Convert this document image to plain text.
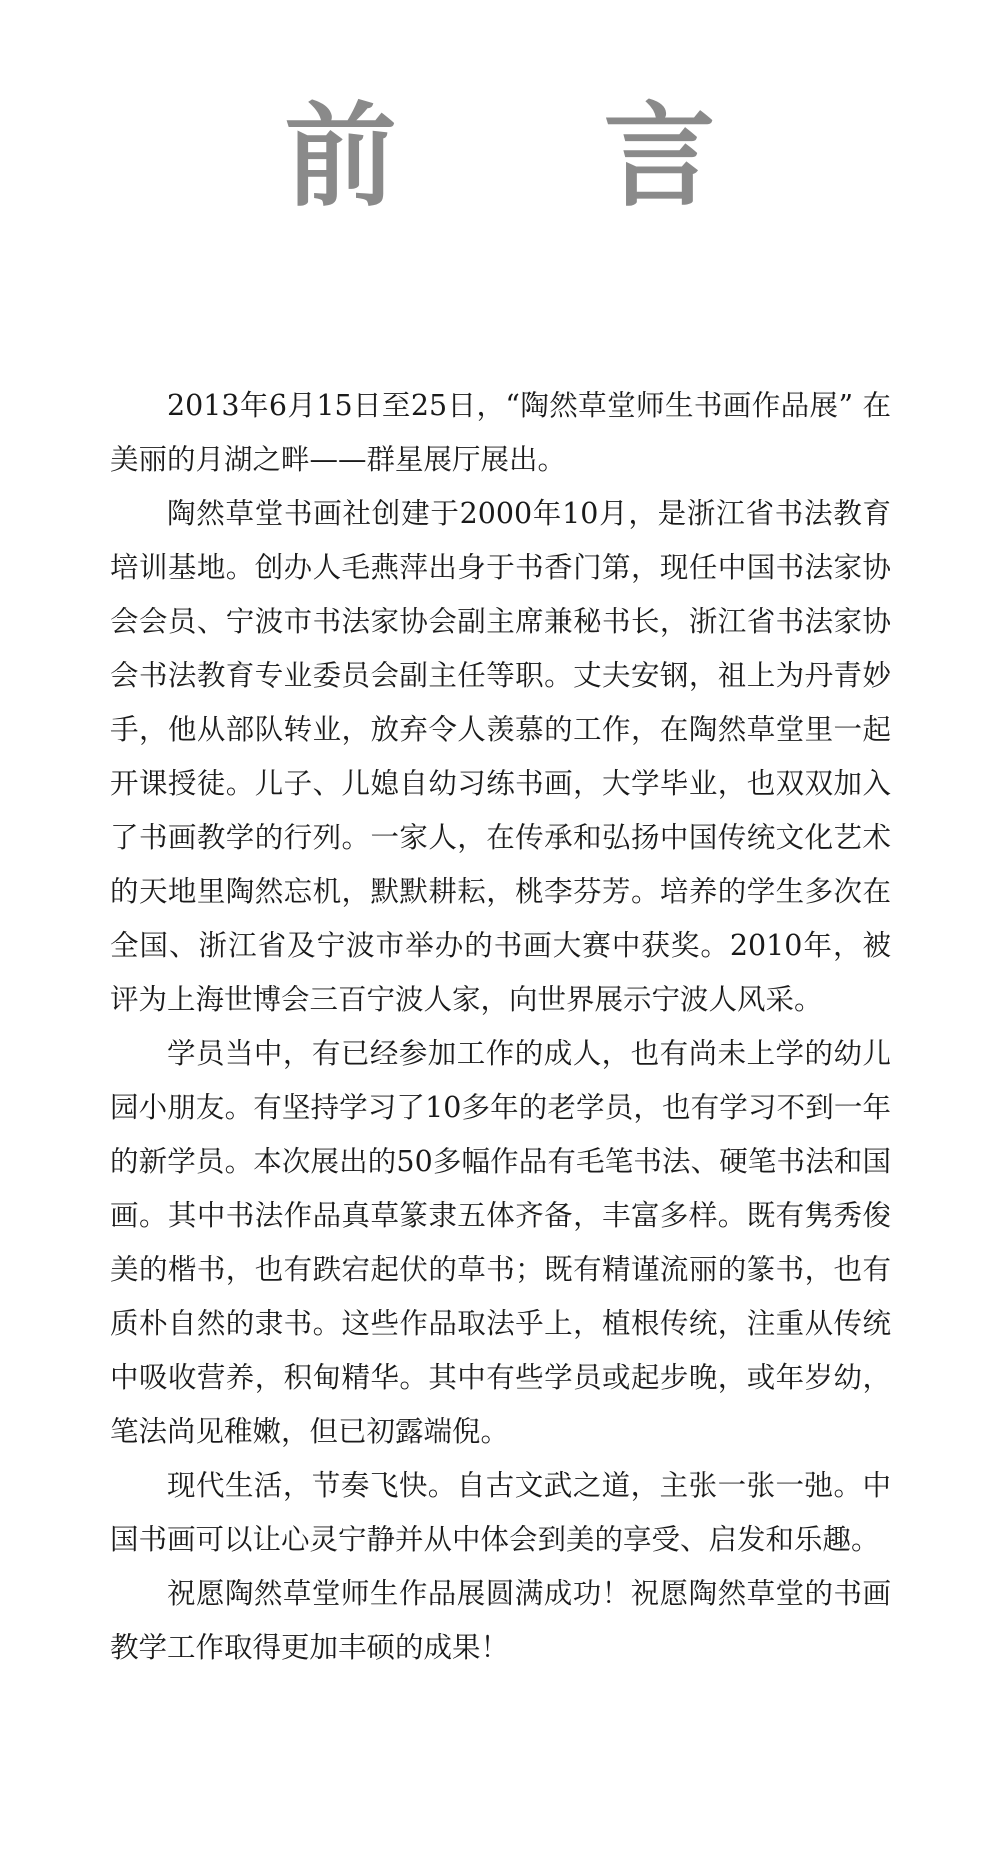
前 言

2013年6月15日至25日，“陶然草堂师生书画作品展” 在美丽的月湖之畔——群星展厅展出。

陶然草堂书画社创建于2000年10月，是浙江省书法教育培训基地。创办人毛燕萍出身于书香门第，现任中国书法家协会会员、宁波市书法家协会副主席兼秘书长，浙江省书法家协会书法教育专业委员会副主任等职。丈夫安钢，祖上为丹青妙手，他从部队转业，放弃令人羡慕的工作，在陶然草堂里一起开课授徒。儿子、儿媳自幼习练书画，大学毕业，也双双加入了书画教学的行列。一家人，在传承和弘扬中国传统文化艺术的天地里陶然忘机，默默耕耘，桃李芬芳。培养的学生多次在全国、浙江省及宁波市举办的书画大赛中获奖。2010年，被评为上海世博会三百宁波人家，向世界展示宁波人风采。

学员当中，有已经参加工作的成人，也有尚未上学的幼儿园小朋友。有坚持学习了10多年的老学员，也有学习不到一年的新学员。本次展出的50多幅作品有毛笔书法、硬笔书法和国画。其中书法作品真草篆隶五体齐备，丰富多样。既有隽秀俊美的楷书，也有跌宕起伏的草书；既有精谨流丽的篆书，也有质朴自然的隶书。这些作品取法乎上，植根传统，注重从传统中吸收营养，积甸精华。其中有些学员或起步晚，或年岁幼，笔法尚见稚嫩，但已初露端倪。

现代生活，节奏飞快。自古文武之道，主张一张一弛。中国书画可以让心灵宁静并从中体会到美的享受、启发和乐趣。

祝愿陶然草堂师生作品展圆满成功！祝愿陶然草堂的书画教学工作取得更加丰硕的成果！
